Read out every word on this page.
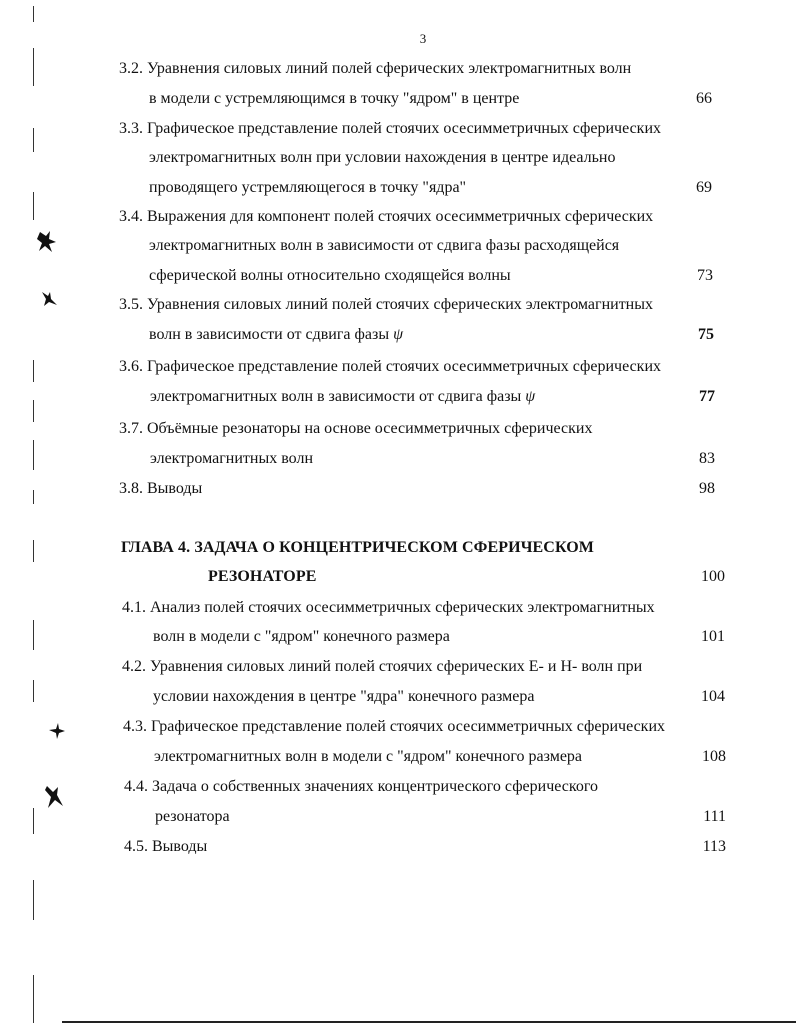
3
3.2. Уравнения силовых линий полей сферических электромагнитных волн
в модели с устремляющимся в точку "ядром" в центре	66
3.3. Графическое представление полей стоячих осесимметричных сферических
электромагнитных волн при условии нахождения в центре идеально
проводящего устремляющегося в точку "ядра"	69
3.4. Выражения для компонент полей стоячих осесимметричных сферических
электромагнитных волн в зависимости от сдвига фазы расходящейся
сферической волны относительно сходящейся волны	73
3.5. Уравнения силовых линий полей стоячих сферических электромагнитных
волн в зависимости от сдвига фазы ψ	75
3.6. Графическое представление полей стоячих осесимметричных сферических
электромагнитных волн в зависимости от сдвига фазы ψ	77
3.7. Объёмные резонаторы на основе осесимметричных сферических
электромагнитных волн	83
3.8. Выводы	98
ГЛАВА 4. ЗАДАЧА О КОНЦЕНТРИЧЕСКОМ СФЕРИЧЕСКОМ
РЕЗОНАТОРЕ	100
4.1. Анализ полей стоячих осесимметричных сферических электромагнитных
волн в модели с "ядром" конечного размера	101
4.2. Уравнения силовых линий полей стоячих сферических E- и H- волн при
условии нахождения в центре "ядра" конечного размера	104
4.3. Графическое представление полей стоячих осесимметричных сферических
электромагнитных волн в модели с "ядром" конечного размера	108
4.4. Задача о собственных значениях концентрического сферического
резонатора	111
4.5. Выводы	113
